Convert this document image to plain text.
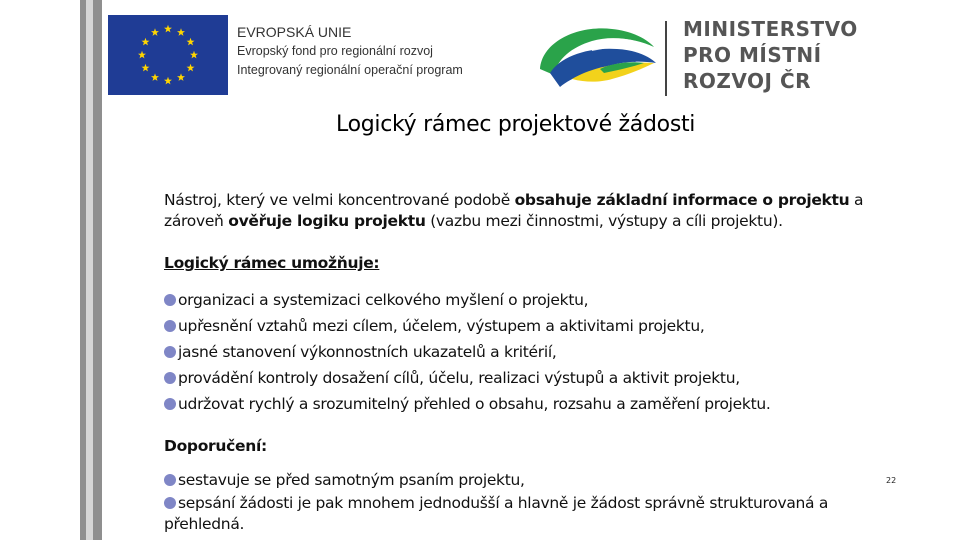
EVROPSKÁ UNIE
Evropský fond pro regionální rozvoj
Integrovaný regionální operační program
MINISTERSTVO
PRO MÍSTNÍ
ROZVOJ ČR
Logický rámec projektové žádosti
Nástroj, který ve velmi koncentrované podobě obsahuje základní informace o projektu a zároveň ověřuje logiku projektu (vazbu mezi činnostmi, výstupy a cíli projektu).
Logický rámec umožňuje:
organizaci a systemizaci celkového myšlení o projektu,
upřesnění vztahů mezi cílem, účelem, výstupem a aktivitami projektu,
jasné stanovení výkonnostních ukazatelů a kritérií,
provádění kontroly dosažení cílů, účelu, realizaci výstupů a aktivit projektu,
udržovat rychlý a srozumitelný přehled o obsahu, rozsahu a zaměření projektu.
Doporučení:
sestavuje se před samotným psaním projektu,
sepsání žádosti je pak mnohem jednodušší a hlavně je žádost správně strukturovaná a přehledná.
22
